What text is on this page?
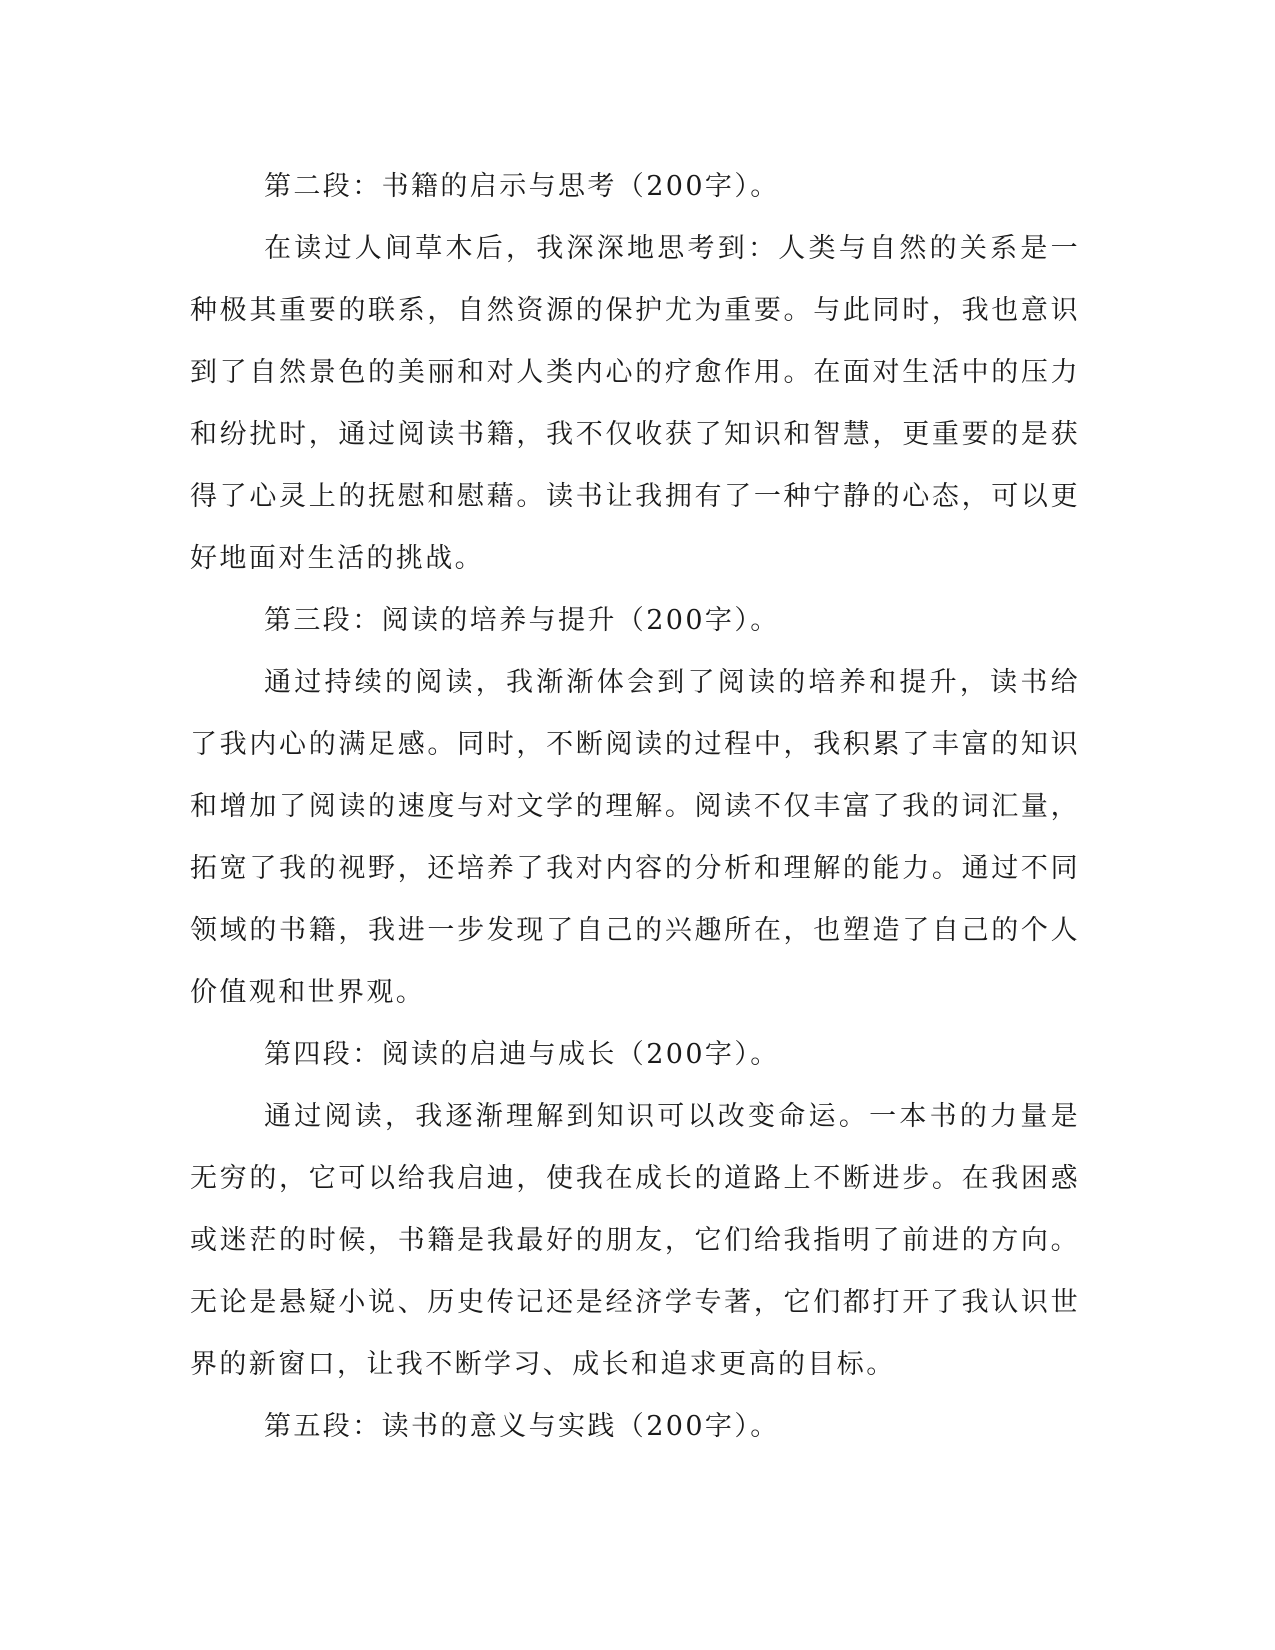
第二段：书籍的启示与思考（200字）。

在读过人间草木后，我深深地思考到：人类与自然的关系是一种极其重要的联系，自然资源的保护尤为重要。与此同时，我也意识到了自然景色的美丽和对人类内心的疗愈作用。在面对生活中的压力和纷扰时，通过阅读书籍，我不仅收获了知识和智慧，更重要的是获得了心灵上的抚慰和慰藉。读书让我拥有了一种宁静的心态，可以更好地面对生活的挑战。

第三段：阅读的培养与提升（200字）。

通过持续的阅读，我渐渐体会到了阅读的培养和提升，读书给了我内心的满足感。同时，不断阅读的过程中，我积累了丰富的知识和增加了阅读的速度与对文学的理解。阅读不仅丰富了我的词汇量，拓宽了我的视野，还培养了我对内容的分析和理解的能力。通过不同领域的书籍，我进一步发现了自己的兴趣所在，也塑造了自己的个人价值观和世界观。

第四段：阅读的启迪与成长（200字）。

通过阅读，我逐渐理解到知识可以改变命运。一本书的力量是无穷的，它可以给我启迪，使我在成长的道路上不断进步。在我困惑或迷茫的时候，书籍是我最好的朋友，它们给我指明了前进的方向。无论是悬疑小说、历史传记还是经济学专著，它们都打开了我认识世界的新窗口，让我不断学习、成长和追求更高的目标。

第五段：读书的意义与实践（200字）。
